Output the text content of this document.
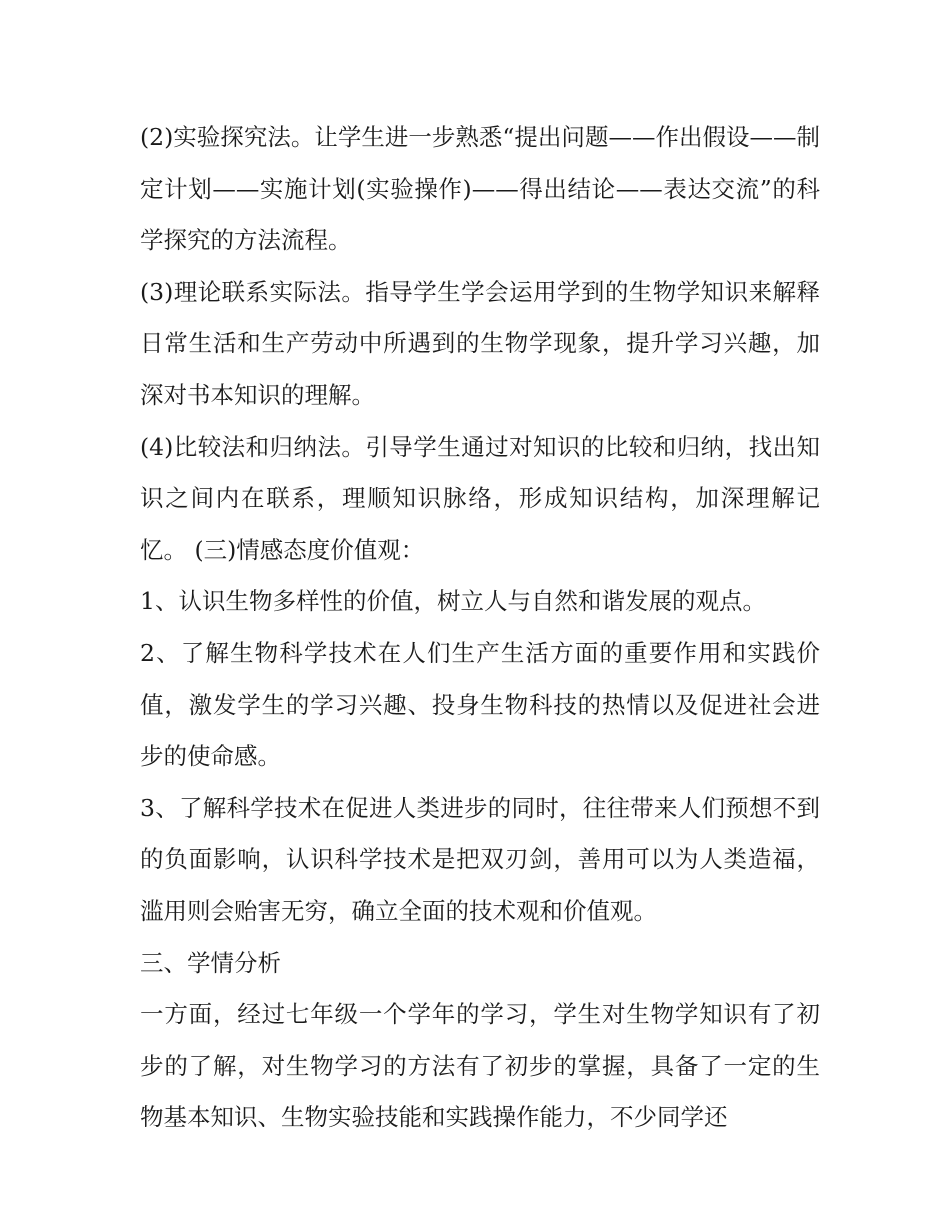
(2)实验探究法。让学生进一步熟悉“提出问题——作出假设——制定计划——实施计划(实验操作)——得出结论——表达交流”的科学探究的方法流程。

(3)理论联系实际法。指导学生学会运用学到的生物学知识来解释日常生活和生产劳动中所遇到的生物学现象，提升学习兴趣，加深对书本知识的理解。

(4)比较法和归纳法。引导学生通过对知识的比较和归纳，找出知识之间内在联系，理顺知识脉络，形成知识结构，加深理解记忆。 (三)情感态度价值观：

1、认识生物多样性的价值，树立人与自然和谐发展的观点。

2、了解生物科学技术在人们生产生活方面的重要作用和实践价值，激发学生的学习兴趣、投身生物科技的热情以及促进社会进步的使命感。

3、了解科学技术在促进人类进步的同时，往往带来人们预想不到的负面影响，认识科学技术是把双刃剑，善用可以为人类造福，滥用则会贻害无穷，确立全面的技术观和价值观。

三、学情分析

一方面，经过七年级一个学年的学习，学生对生物学知识有了初步的了解，对生物学习的方法有了初步的掌握，具备了一定的生物基本知识、生物实验技能和实践操作能力，不少同学还
